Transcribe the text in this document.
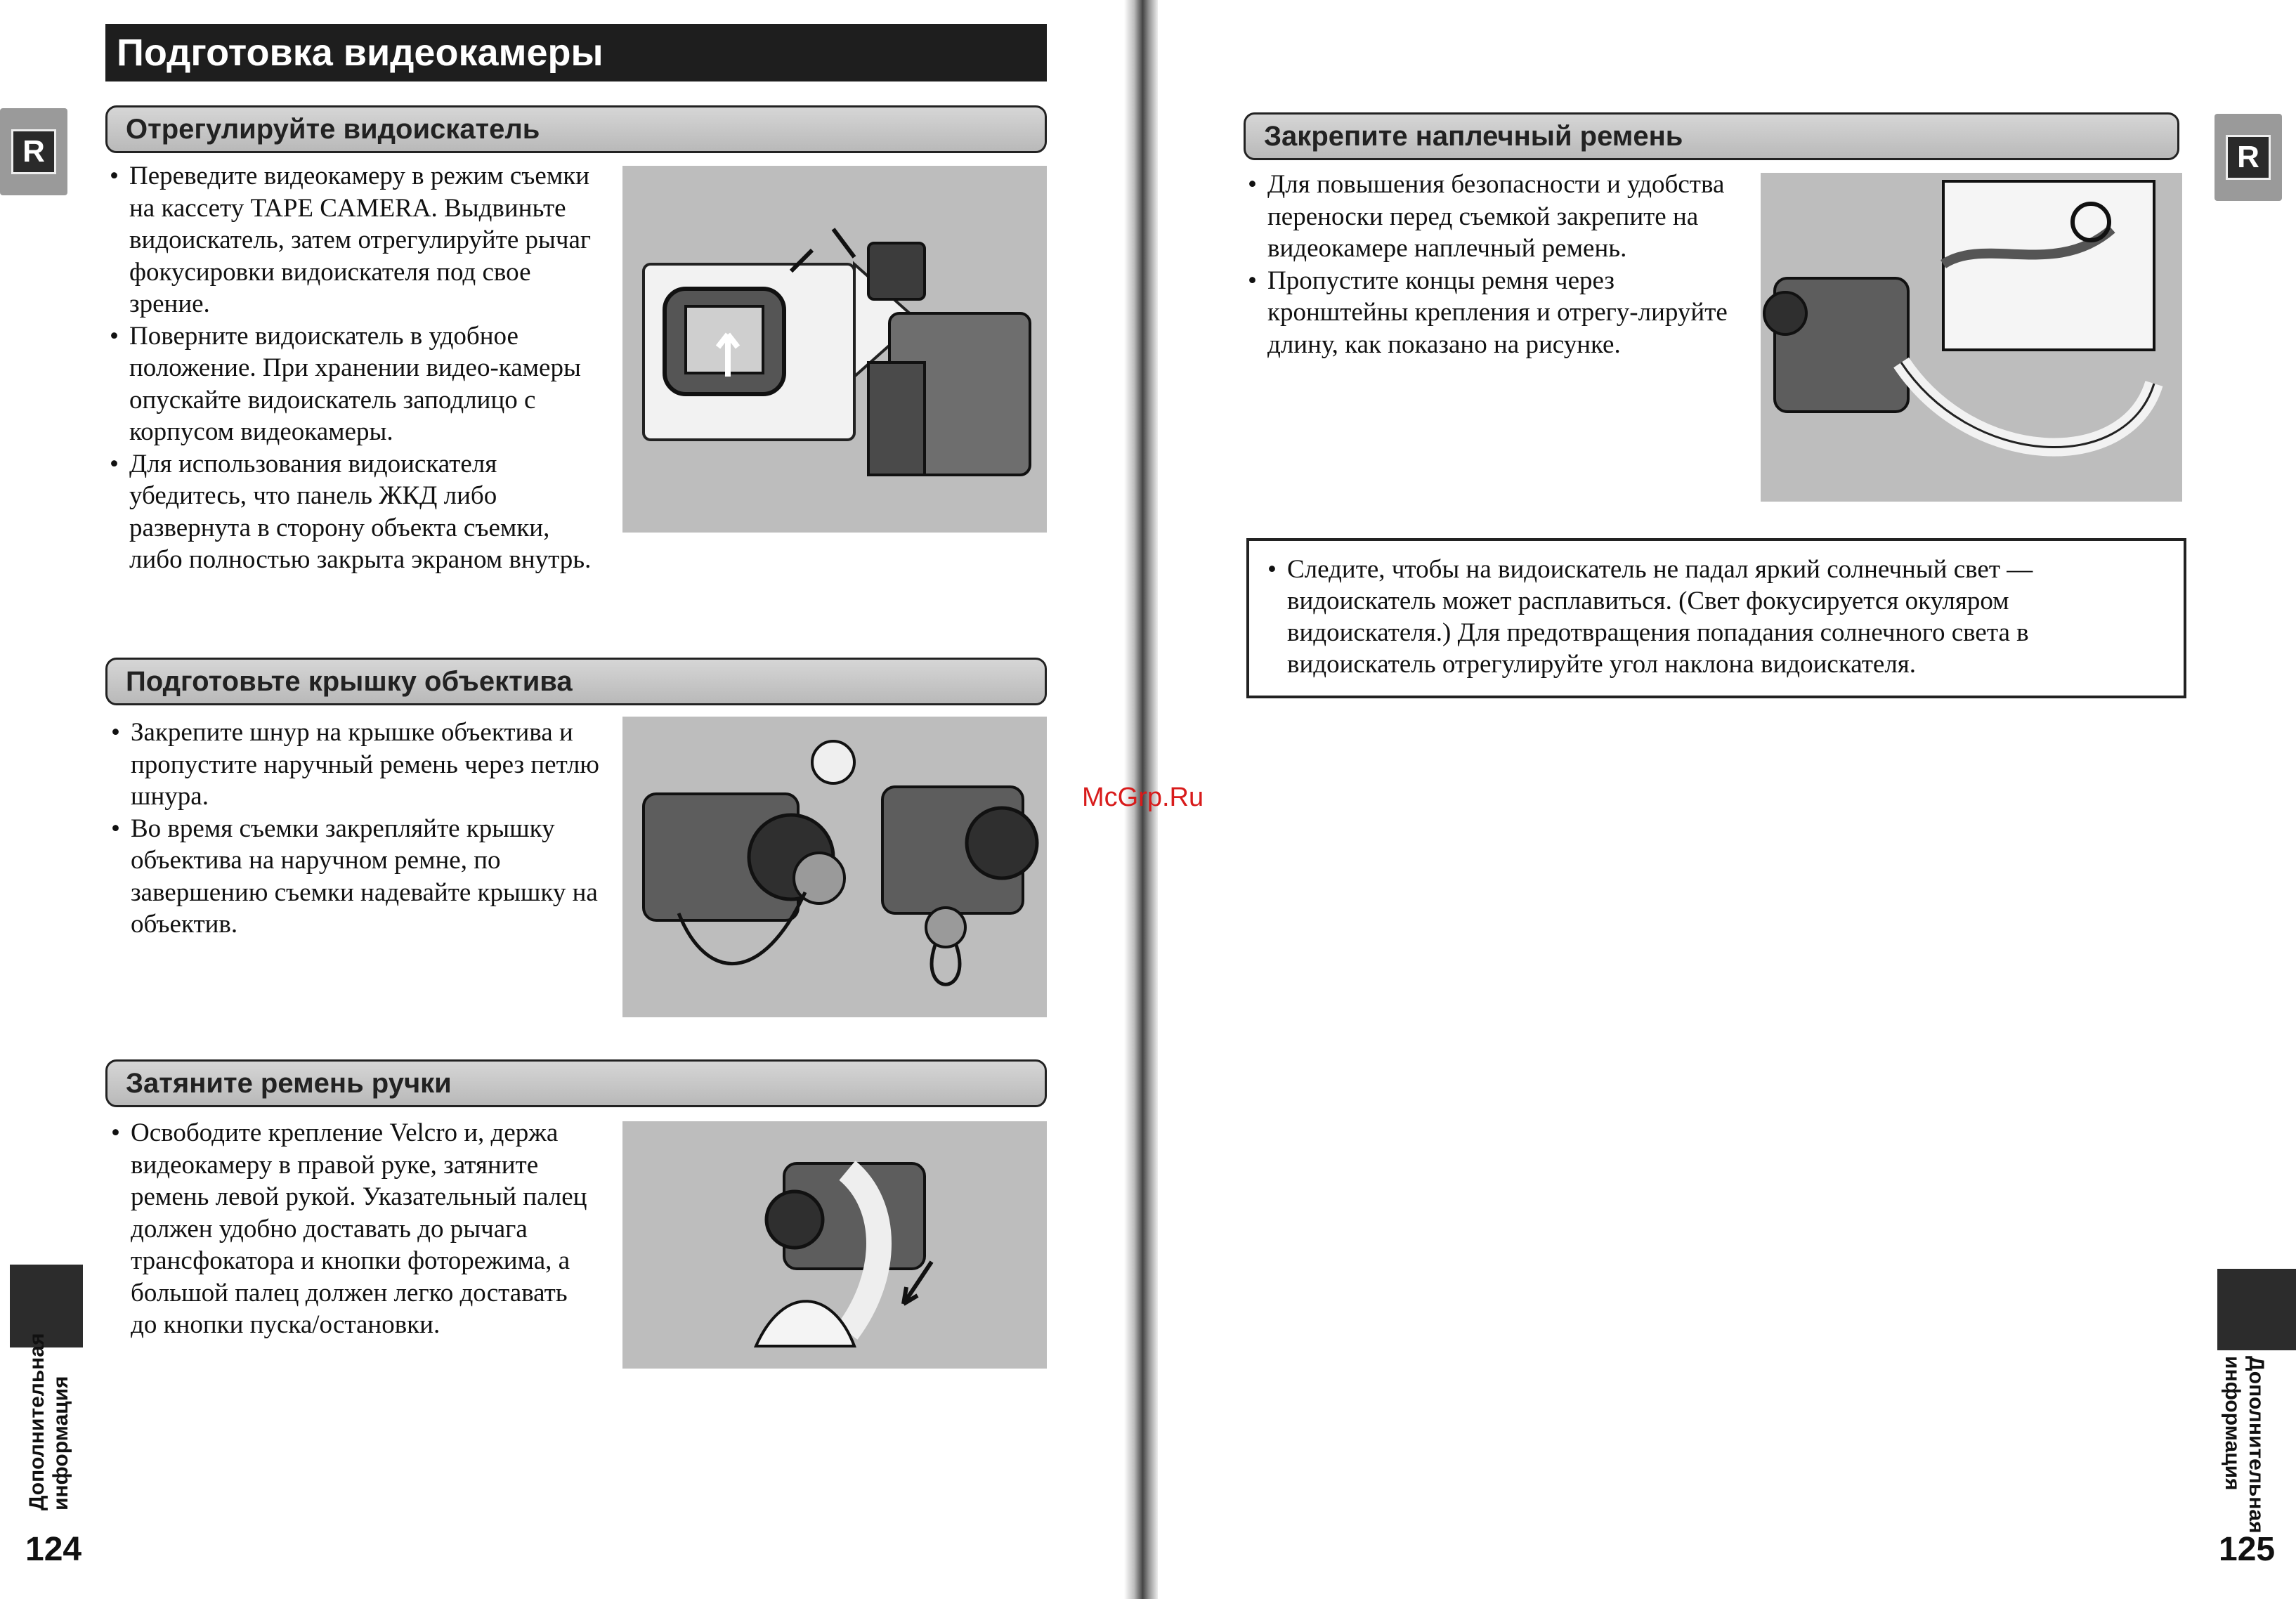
Подготовка видеокамеры
R
Отрегулируйте видоискатель
• Переведите видеокамеру в режим съемки на кассету TAPE CAMERA. Выдвиньте видоискатель, затем отрегулируйте рычаг фокусировки видоискателя под свое зрение.
• Поверните видоискатель в удобное положение. При хранении видео-камеры опускайте видоискатель заподлицо с корпусом видеокамеры.
• Для использования видоискателя убедитесь, что панель ЖКД либо развернута в сторону объекта съемки, либо полностью закрыта экраном внутрь.
Подготовьте крышку объектива
• Закрепите шнур на крышке объектива и пропустите наручный ремень через петлю шнура.
• Во время съемки закрепляйте крышку объектива на наручном ремне, по завершению съемки надевайте крышку на объектив.
Затяните ремень ручки
• Освободите крепление Velcro и, держа видеокамеру в правой руке, затяните ремень левой рукой. Указательный палец должен удобно доставать до рычага трансфокатора и кнопки фоторежима, а большой палец должен легко доставать до кнопки пуска/остановки.
Дополнительная информация
124
R
Закрепите наплечный ремень
• Для повышения безопасности и удобства переноски перед съемкой закрепите на видеокамере наплечный ремень.
• Пропустите концы ремня через кронштейны крепления и отрегу-лируйте длину, как показано на рисунке.
• Следите, чтобы на видоискатель не падал яркий солнечный свет — видоискатель может расплавиться. (Свет фокусируется окуляром видоискателя.) Для предотвращения попадания солнечного света в видоискатель отрегулируйте угол наклона видоискателя.
McGrp.Ru
Дополнительная информация
125
